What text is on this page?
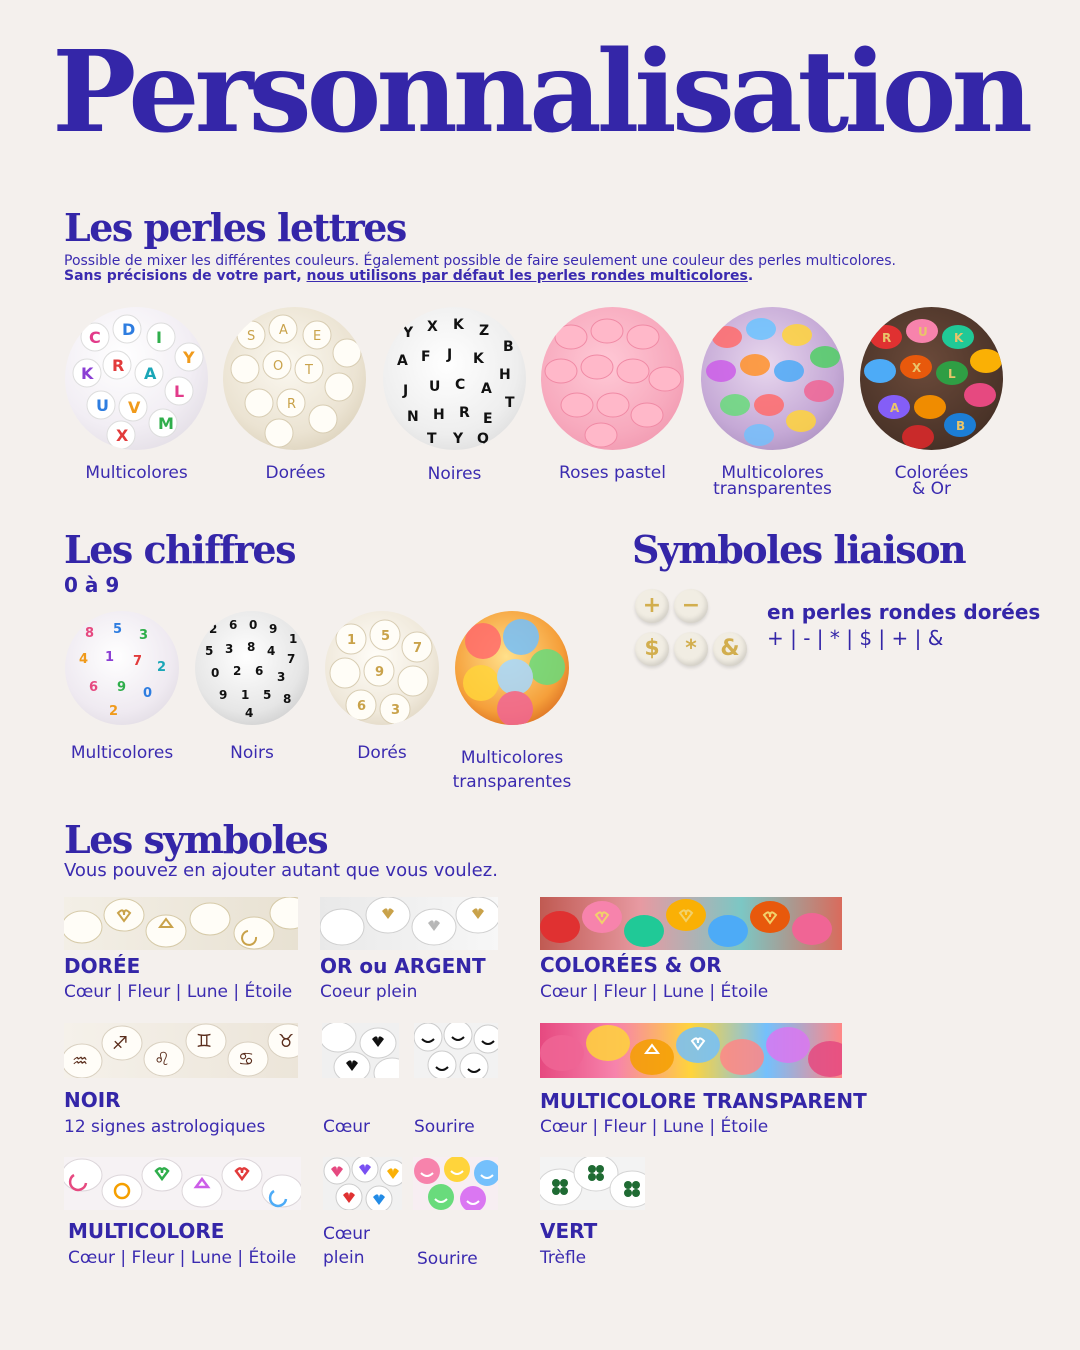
Personnalisation
Les perles lettres
Possible de mixer les différentes couleurs. Également possible de faire seulement une couleur des perles multicolores.
Sans précisions de votre part, nous utilisons par défaut les perles rondes multicolores.
C D I
Y
K R A
L
U V
M
X
S A E
O T
R
Y X K Z
B
A F J K
H
J U C A
T
N H R E
T Y Q
R U K
X L
A
B
Multicolores	Dorées	Noires	Roses pastel	Multicolores
transparentes
Colorées
& Or
Les chiffres
0 à 9
8 5 3
4 1 7 2
6 9 0
2
2 6 0 9
1
5 3 8 4
7
0 2 6 3
9 1 5 8
4
1 5
7
9
6 3
Multicolores	Noirs	Dorés	Multicolores
transparentes
Symboles liaison
+ −
$	*	&
en perles rondes dorées
+ | - | * | $ | + | &
Les symboles
Vous pouvez en ajouter autant que vous voulez.
DORÉE
Cœur | Fleur | Lune | Étoile
OR ou ARGENT
Coeur plein
COLORÉES & OR
Cœur | Fleur | Lune | Étoile
♒
♐
♌
♊
♋
♉
NOIR
12 signes astrologiques	Cœur	Sourire
MULTICOLORE TRANSPARENT
Cœur | Fleur | Lune | Étoile
MULTICOLORE
Cœur | Fleur | Lune | Étoile
Cœur
plein	Sourire
VERT
Trèfle
